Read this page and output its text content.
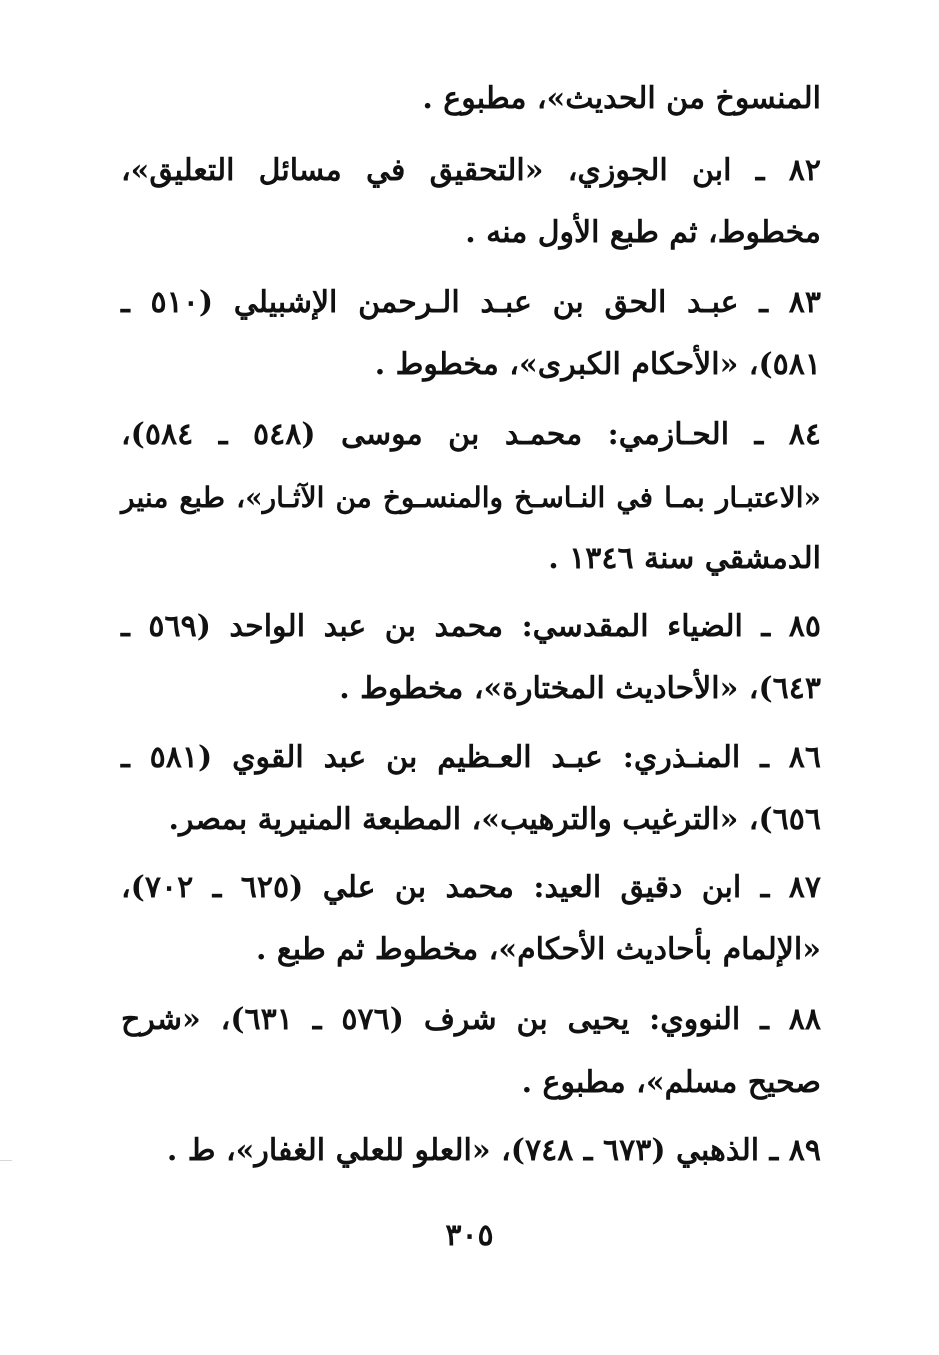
المنسوخ من الحديث»، مطبوع .
٨٢ ـ ابن الجوزي، «التحقيق في مسائل التعليق»،
مخطوط، ثم طبع الأول منه .
٨٣ ـ عبـد الحق بن عبـد الـرحمن الإشبيلي (٥١٠ ـ
٥٨١)، «الأحكام الكبرى»، مخطوط .
٨٤ ـ الحـازمي: محمـد بن موسى (٥٤٨ ـ ٥٨٤)،
«الاعتبـار بمـا في النـاسـخ والمنسـوخ من الآثـار»، طبع منير
الدمشقي سنة ١٣٤٦ .
٨٥ ـ الضياء المقدسي: محمد بن عبد الواحد (٥٦٩ ـ
٦٤٣)، «الأحاديث المختارة»، مخطوط .
٨٦ ـ المنـذري: عبـد العـظيم بن عبد القوي (٥٨١ ـ
٦٥٦)، «الترغيب والترهيب»، المطبعة المنيرية بمصر.
٨٧ ـ ابن دقيق العيد: محمد بن علي (٦٢٥ ـ ٧٠٢)،
«الإلمام بأحاديث الأحكام»، مخطوط ثم طبع .
٨٨ ـ النووي: يحيى بن شرف (٥٧٦ ـ ٦٣١)، «شرح
صحيح مسلم»، مطبوع .
٨٩ ـ الذهبي (٦٧٣ ـ ٧٤٨)، «العلو للعلي الغفار»، ط .
٣٠٥
